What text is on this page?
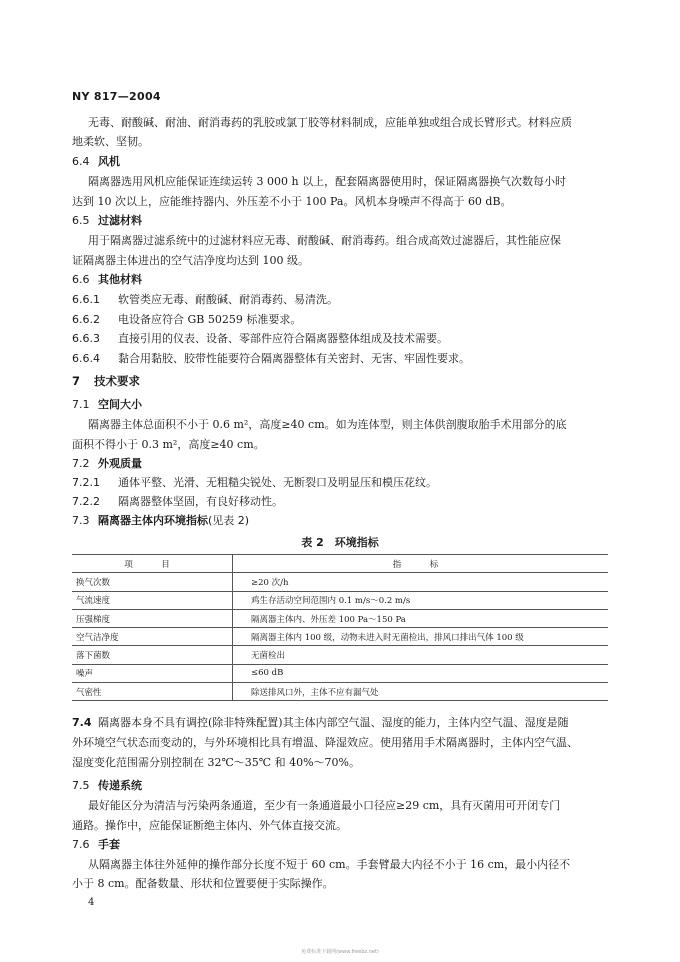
NY 817—2004
无毒、耐酸碱、耐油、耐消毒药的乳胶或氯丁胶等材料制成，应能单独或组合成长臂形式。材料应质
地柔软、坚韧。
6.4 风机
隔离器选用风机应能保证连续运转 3 000 h 以上，配套隔离器使用时，保证隔离器换气次数每小时
达到 10 次以上，应能维持器内、外压差不小于 100 Pa。风机本身噪声不得高于 60 dB。
6.5 过滤材料
用于隔离器过滤系统中的过滤材料应无毒、耐酸碱、耐消毒药。组合成高效过滤器后，其性能应保
证隔离器主体进出的空气洁净度均达到 100 级。
6.6 其他材料
6.6.1 软管类应无毒、耐酸碱、耐消毒药、易清洗。
6.6.2 电设备应符合 GB 50259 标准要求。
6.6.3 直接引用的仪表、设备、零部件应符合隔离器整体组成及技术需要。
6.6.4 黏合用黏胶、胶带性能要符合隔离器整体有关密封、无害、牢固性要求。
7 技术要求
7.1 空间大小
隔离器主体总面积不小于 0.6 m²，高度≥40 cm。如为连体型，则主体供剖腹取胎手术用部分的底
面积不得小于 0.3 m²，高度≥40 cm。
7.2 外观质量
7.2.1 通体平整、光滑、无粗糙尖锐处、无断裂口及明显压和模压花纹。
7.2.2 隔离器整体坚固，有良好移动性。
7.3 隔离器主体内环境指标(见表 2)
表 2　环境指标
项　目	指　标
换气次数	≥20 次/h
气流速度	鸡生存活动空间范围内 0.1 m/s～0.2 m/s
压强梯度	隔离器主体内、外压差 100 Pa～150 Pa
空气洁净度	隔离器主体内 100 级，动物未进入时无菌检出，排风口排出气体 100 级
落下菌数	无菌检出
噪声	≤60 dB
气密性	除送排风口外，主体不应有漏气处
7.4 隔离器本身不具有调控(除非特殊配置)其主体内部空气温、湿度的能力，主体内空气温、湿度是随
外环境空气状态而变动的，与外环境相比具有增温、降湿效应。使用猪用手术隔离器时，主体内空气温、
湿度变化范围需分别控制在 32℃～35℃ 和 40%～70%。
7.5 传递系统
最好能区分为清洁与污染两条通道，至少有一条通道最小口径应≥29 cm，具有灭菌用可开闭专门
通路。操作中，应能保证断绝主体内、外气体直接交流。
7.6 手套
从隔离器主体往外延伸的操作部分长度不短于 60 cm。手套臂最大内径不小于 16 cm，最小内径不
小于 8 cm。配备数量、形状和位置要便于实际操作。
4
免费标准下载网(www.freebz.net)
